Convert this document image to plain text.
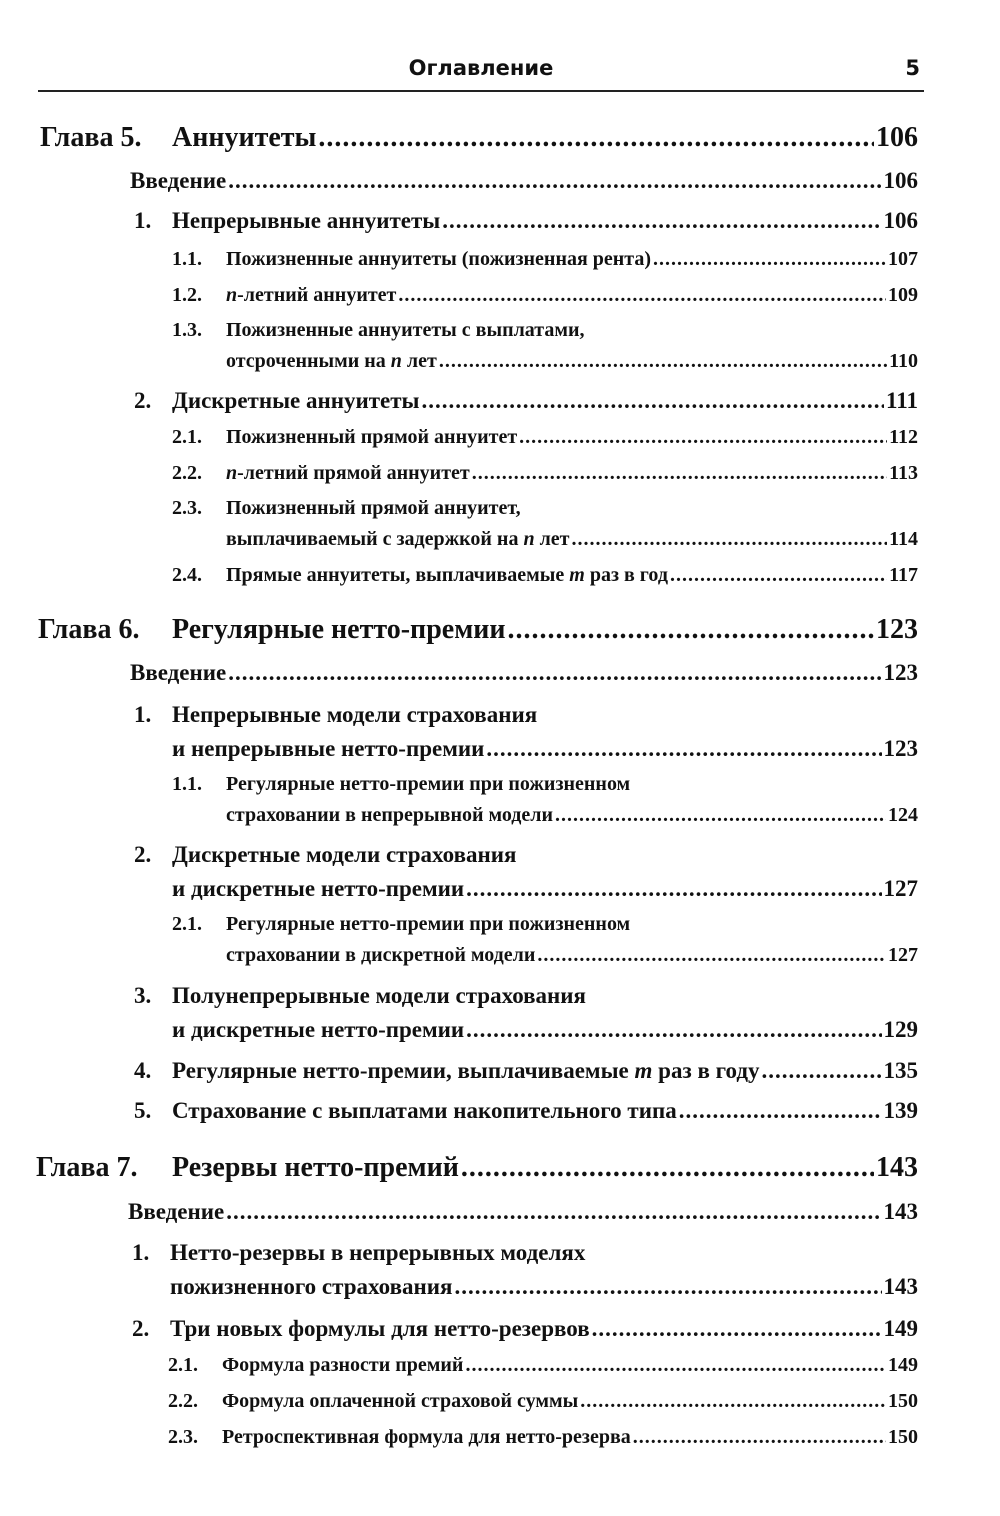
Оглавление	5
Глава 5. Аннуитеты .....	106
Введение .....	106
1. Непрерывные аннуитеты .....	106
1.1. Пожизненные аннуитеты (пожизненная рента) .....	107
1.2. n-летний аннуитет .....	109
1.3. Пожизненные аннуитеты с выплатами,
отсроченными на n лет .....	110
2. Дискретные аннуитеты .....	111
2.1. Пожизненный прямой аннуитет .....	112
2.2. n-летний прямой аннуитет .....	113
2.3. Пожизненный прямой аннуитет,
выплачиваемый с задержкой на n лет .....	114
2.4. Прямые аннуитеты, выплачиваемые m раз в год .....	117
Глава 6. Регулярные нетто-премии .....	123
Введение .....	123
1. Непрерывные модели страхования
и непрерывные нетто-премии .....	123
1.1. Регулярные нетто-премии при пожизненном
страховании в непрерывной модели .....	124
2. Дискретные модели страхования
и дискретные нетто-премии .....	127
2.1. Регулярные нетто-премии при пожизненном
страховании в дискретной модели .....	127
3. Полунепрерывные модели страхования
и дискретные нетто-премии .....	129
4. Регулярные нетто-премии, выплачиваемые m раз в году .....	135
5. Страхование с выплатами накопительного типа .....	139
Глава 7. Резервы нетто-премий .....	143
Введение .....	143
1. Нетто-резервы в непрерывных моделях
пожизненного страхования .....	143
2. Три новых формулы для нетто-резервов .....	149
2.1. Формула разности премий .....	149
2.2. Формула оплаченной страховой суммы .....	150
2.3. Ретроспективная формула для нетто-резерва .....	150
